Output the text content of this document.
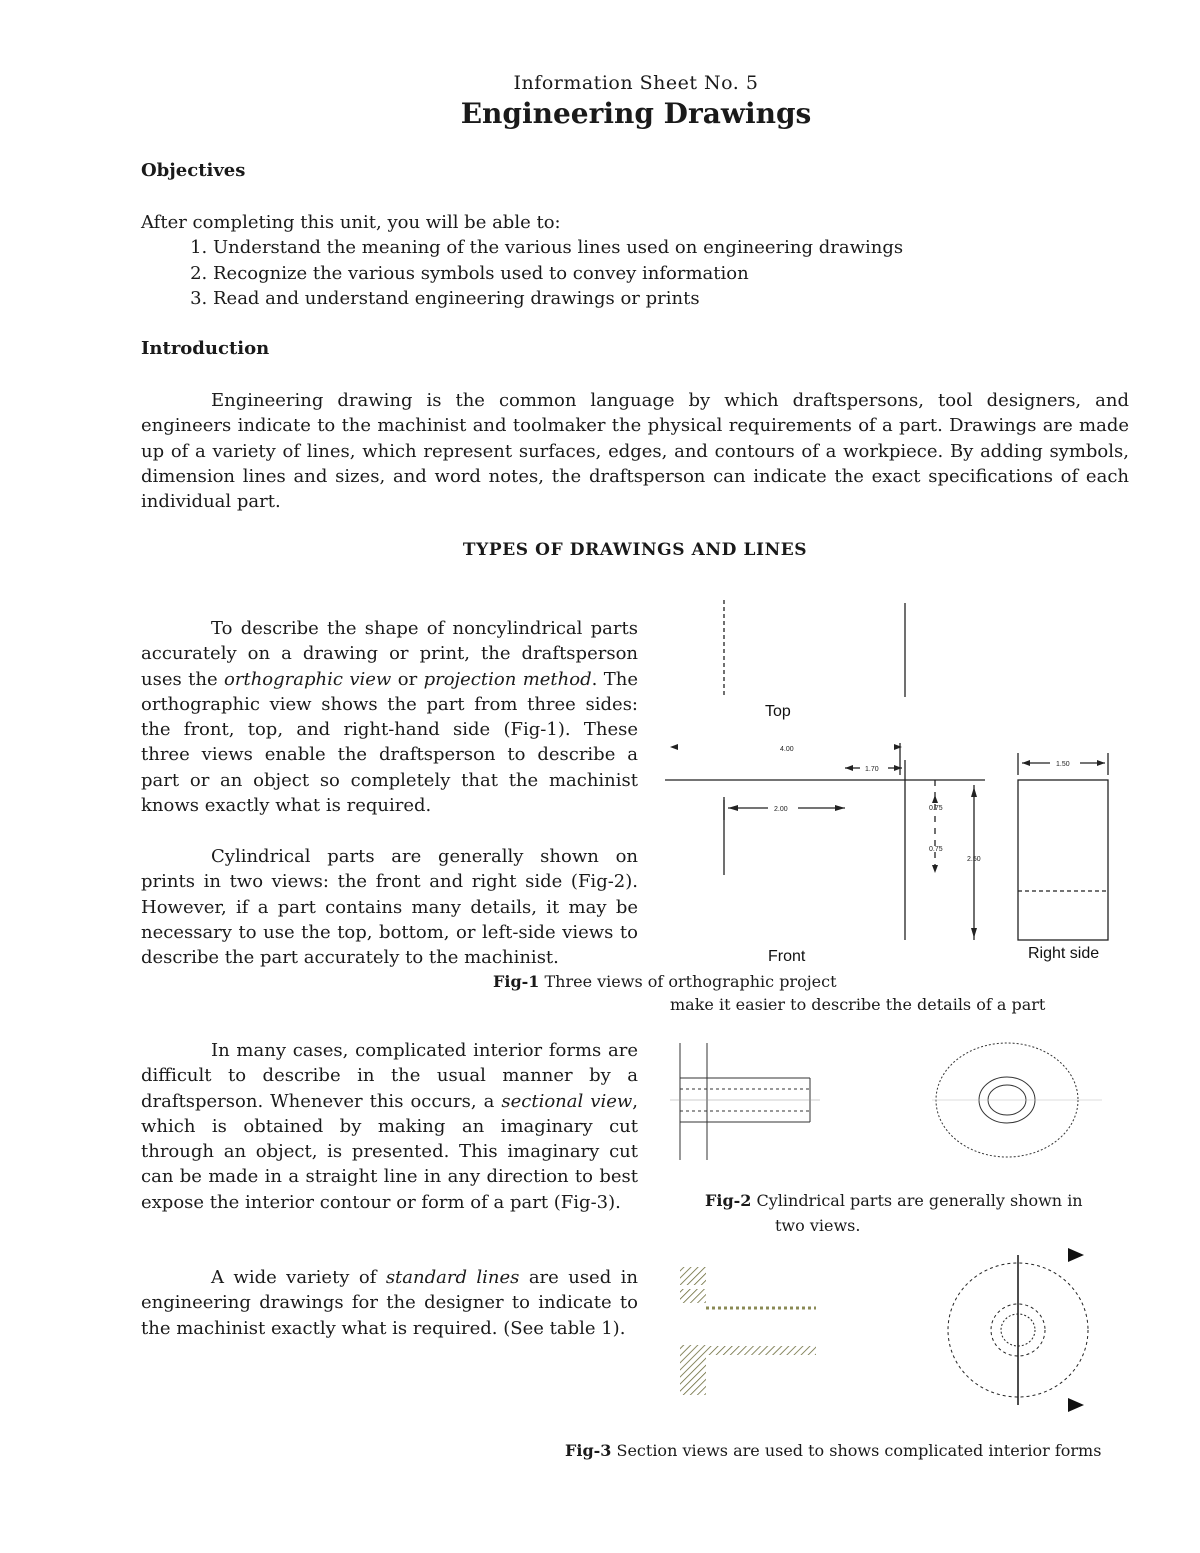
Information Sheet No. 5
Engineering Drawings
Objectives
After completing this unit, you will be able to:
1. Understand the meaning of the various lines used on engineering drawings
2. Recognize the various symbols used to convey information
3. Read and understand engineering drawings or prints
Introduction
Engineering drawing is the common language by which draftspersons, tool designers, and engineers indicate to the machinist and toolmaker the physical requirements of a part. Drawings are made up of a variety of lines, which represent surfaces, edges, and contours of a workpiece. By adding symbols, dimension lines and sizes, and word notes, the draftsperson can indicate the exact specifications of each individual part.
TYPES OF DRAWINGS AND LINES
To describe the shape of noncylindrical parts accurately on a drawing or print, the draftsperson uses the orthographic view or projection method. The orthographic view shows the part from three sides: the front, top, and right-hand side (Fig-1). These three views enable the draftsperson to describe a part or an object so completely that the machinist knows exactly what is required.
Cylindrical parts are generally shown on prints in two views: the front and right side (Fig-2). However, if a part contains many details, it may be necessary to use the top, bottom, or left-side views to describe the part accurately to the machinist.
In many cases, complicated interior forms are difficult to describe in the usual manner by a draftsperson. Whenever this occurs, a sectional view, which is obtained by making an imaginary cut through an object, is presented. This imaginary cut can be made in a straight line in any direction to best expose the interior contour or form of a part (Fig-3).
A wide variety of standard lines are used in engineering drawings for the designer to indicate to the machinist exactly what is required. (See table 1).
4.00
1.70
2.00	0.75
0.75
2.50
1.50
Top
Front	Right side
Fig-1 Three views of orthographic project
make it easier to describe the details of a part
Fig-2 Cylindrical parts are generally shown in
two views.
Fig-3 Section views are used to shows complicated interior forms
